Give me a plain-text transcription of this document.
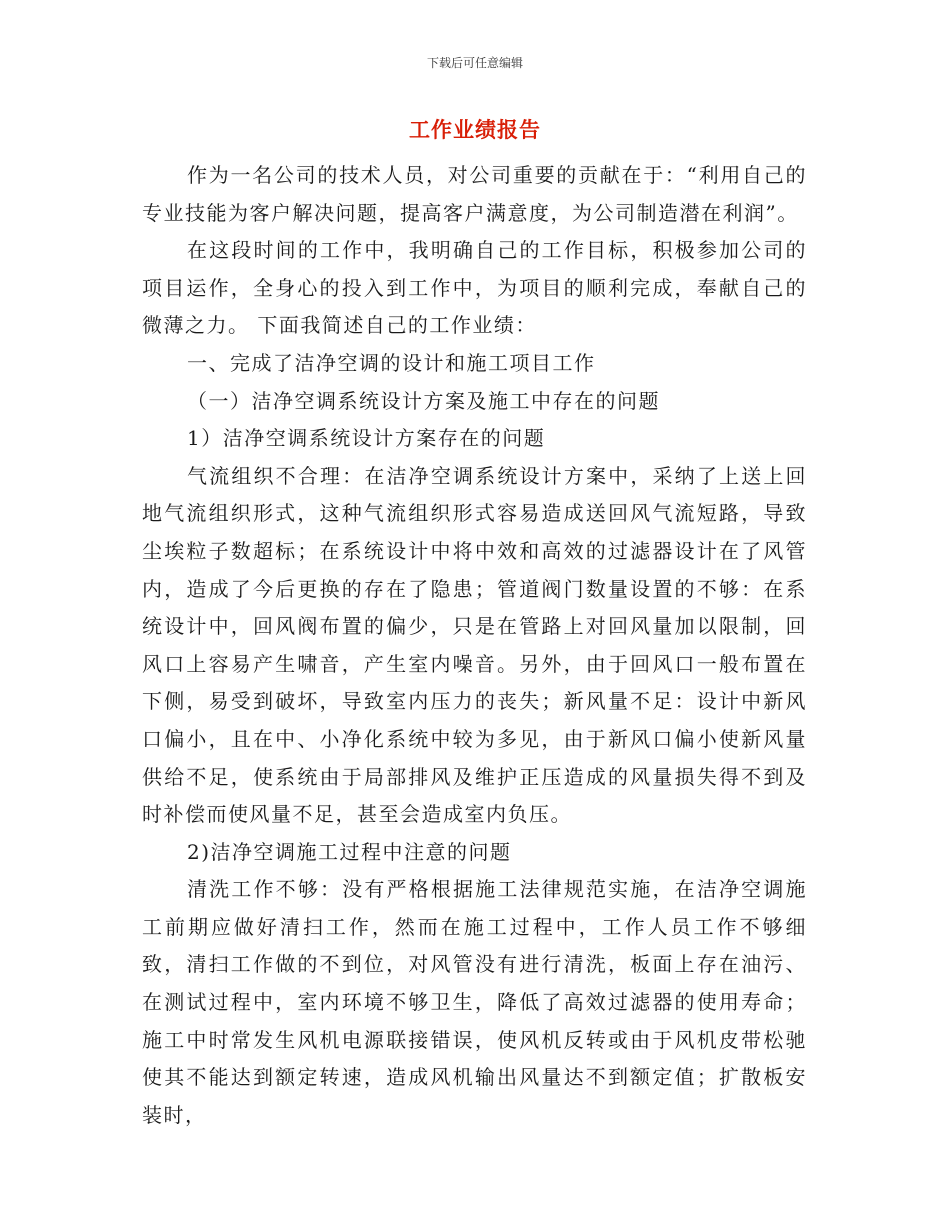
下载后可任意编辑
工作业绩报告

作为一名公司的技术人员，对公司重要的贡献在于：“利用自己的专业技能为客户解决问题，提高客户满意度，为公司制造潜在利润”。

在这段时间的工作中，我明确自己的工作目标，积极参加公司的项目运作，全身心的投入到工作中，为项目的顺利完成，奉献自己的微薄之力。 下面我简述自己的工作业绩：

一、完成了洁净空调的设计和施工项目工作

（一）洁净空调系统设计方案及施工中存在的问题

1）洁净空调系统设计方案存在的问题

气流组织不合理：在洁净空调系统设计方案中，采纳了上送上回地气流组织形式，这种气流组织形式容易造成送回风气流短路，导致尘埃粒子数超标；在系统设计中将中效和高效的过滤器设计在了风管内，造成了今后更换的存在了隐患；管道阀门数量设置的不够：在系统设计中，回风阀布置的偏少，只是在管路上对回风量加以限制，回风口上容易产生啸音，产生室内噪音。另外，由于回风口一般布置在下侧，易受到破坏，导致室内压力的丧失；新风量不足：设计中新风口偏小，且在中、小净化系统中较为多见，由于新风口偏小使新风量供给不足，使系统由于局部排风及维护正压造成的风量损失得不到及时补偿而使风量不足，甚至会造成室内负压。

2)洁净空调施工过程中注意的问题

清洗工作不够：没有严格根据施工法律规范实施，在洁净空调施工前期应做好清扫工作，然而在施工过程中，工作人员工作不够细致，清扫工作做的不到位，对风管没有进行清洗，板面上存在油污、在测试过程中，室内环境不够卫生，降低了高效过滤器的使用寿命；施工中时常发生风机电源联接错误，使风机反转或由于风机皮带松驰使其不能达到额定转速，造成风机输出风量达不到额定值；扩散板安装时，
